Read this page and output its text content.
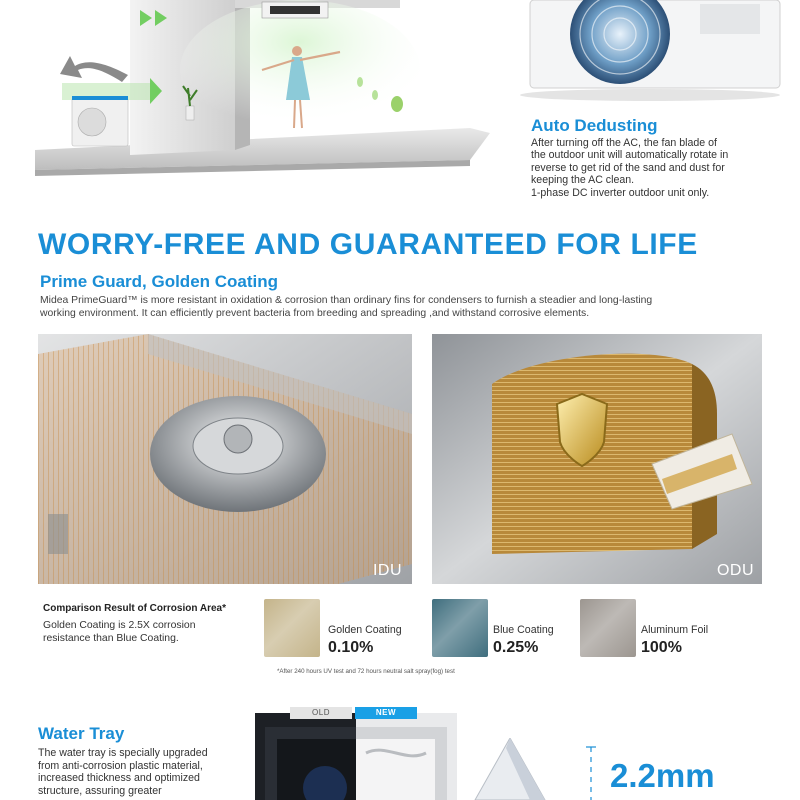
Auto Dedusting
After turning off the AC, the fan blade of
the outdoor unit will automatically rotate in
reverse to get rid of the sand and dust for
keeping the AC clean.
1-phase DC inverter outdoor unit only.
WORRY-FREE AND GUARANTEED FOR LIFE
Prime Guard, Golden Coating
Midea PrimeGuard™ is more resistant in oxidation & corrosion than ordinary fins for condensers to furnish a steadier and long-lasting
working environment. It can efficiently prevent bacteria from breeding and spreading ,and withstand corrosive elements.
IDU	ODU
Comparison Result of Corrosion Area*
Golden Coating is 2.5X corrosion
resistance than Blue Coating.
Golden Coating
0.10%
Blue Coating
0.25%
Aluminum Foil
100%
*After 240 hours UV test and 72 hours neutral salt spray(fog) test
Water Tray
The water tray is specially upgraded
from anti-corrosion plastic material,
increased thickness and optimized
structure, assuring greater
OLD	NEW
2.2mm
